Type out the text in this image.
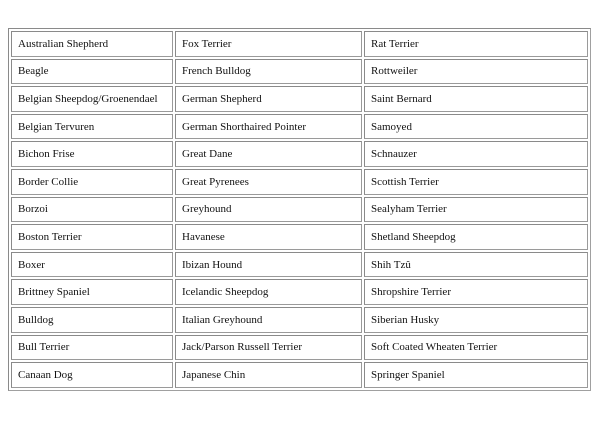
Australian Shepherd	Fox Terrier	Rat Terrier
Beagle	French Bulldog	Rottweiler
Belgian Sheepdog/Groenendael	German Shepherd	Saint Bernard
Belgian Tervuren	German Shorthaired Pointer	Samoyed
Bichon Frise	Great Dane	Schnauzer
Border Collie	Great Pyrenees	Scottish Terrier
Borzoi	Greyhound	Sealyham Terrier
Boston Terrier	Havanese	Shetland Sheepdog
Boxer	Ibizan Hound	Shih Tzû
Brittney Spaniel	Icelandic Sheepdog	Shropshire Terrier
Bulldog	Italian Greyhound	Siberian Husky
Bull Terrier	Jack/Parson Russell Terrier	Soft Coated Wheaten Terrier
Canaan Dog	Japanese Chin	Springer Spaniel
